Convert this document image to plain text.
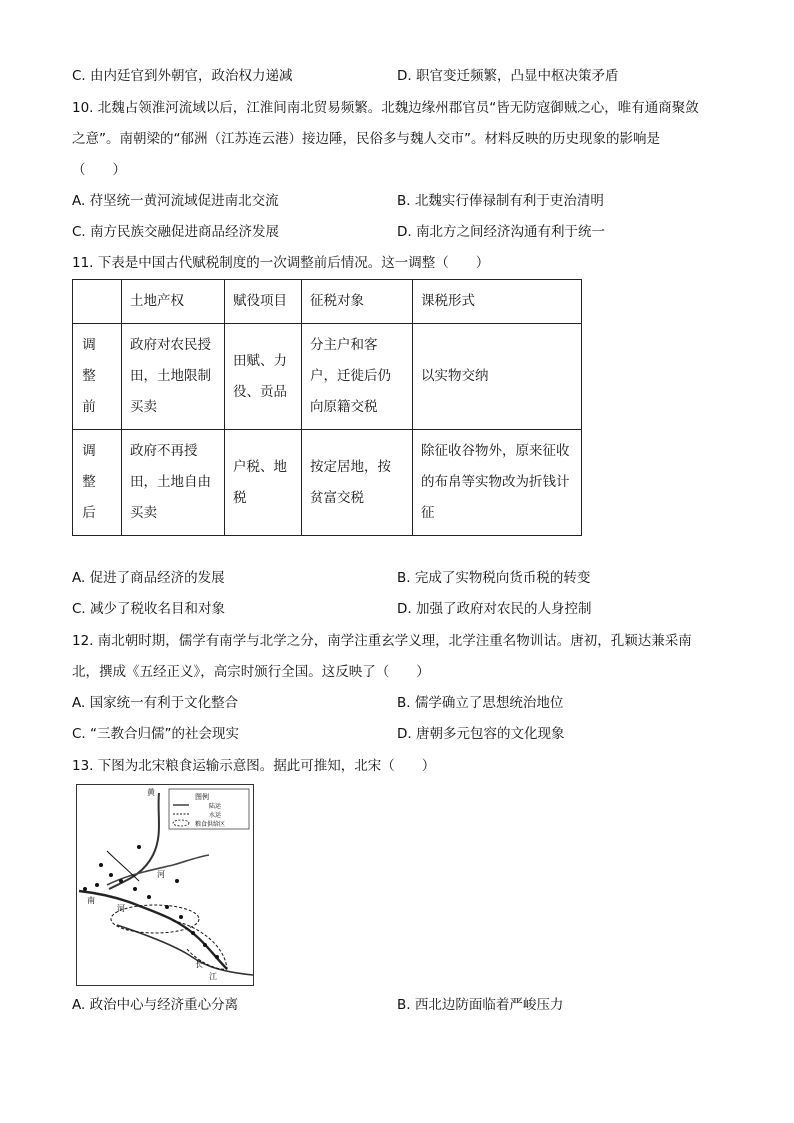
C. 由内廷官到外朝官，政治权力递减	D. 职官变迁频繁，凸显中枢决策矛盾
10. 北魏占领淮河流域以后，江淮间南北贸易频繁。北魏边缘州郡官员“皆无防寇御贼之心，唯有通商聚敛
之意”。南朝梁的“郁洲（江苏连云港）接边陲，民俗多与魏人交市”。材料反映的历史现象的影响是
（　　）
A. 苻坚统一黄河流域促进南北交流	B. 北魏实行俸禄制有利于吏治清明
C. 南方民族交融促进商品经济发展	D. 南北方之间经济沟通有利于统一
11. 下表是中国古代赋税制度的一次调整前后情况。这一调整（　　）
	土地产权	赋役项目	征税对象	课税形式

调整前	政府对农民授田，土地限制买卖	田赋、力役、贡品	分主户和客户，迁徙后仍向原籍交税	以实物交纳

调整后	政府不再授田，土地自由买卖	户税、地税	按定居地，按贫富交税	除征收谷物外，原来征收的布帛等实物改为折钱计征
A. 促进了商品经济的发展	B. 完成了实物税向货币税的转变
C. 减少了税收名目和对象	D. 加强了政府对农民的人身控制
12. 南北朝时期，儒学有南学与北学之分，南学注重玄学义理，北学注重名物训诂。唐初，孔颖达兼采南
北，撰成《五经正义》，高宗时颁行全国。这反映了（　　）
A. 国家统一有利于文化整合	B. 儒学确立了思想统治地位
C. “三教合归儒”的社会现实	D. 唐朝多元包容的文化现象
13. 下图为北宋粮食运输示意图。据此可推知，北宋（　　）
图例
陆运
水运
粮食供给区
黄
河
南
河
长
江
A. 政治中心与经济重心分离	B. 西北边防面临着严峻压力
